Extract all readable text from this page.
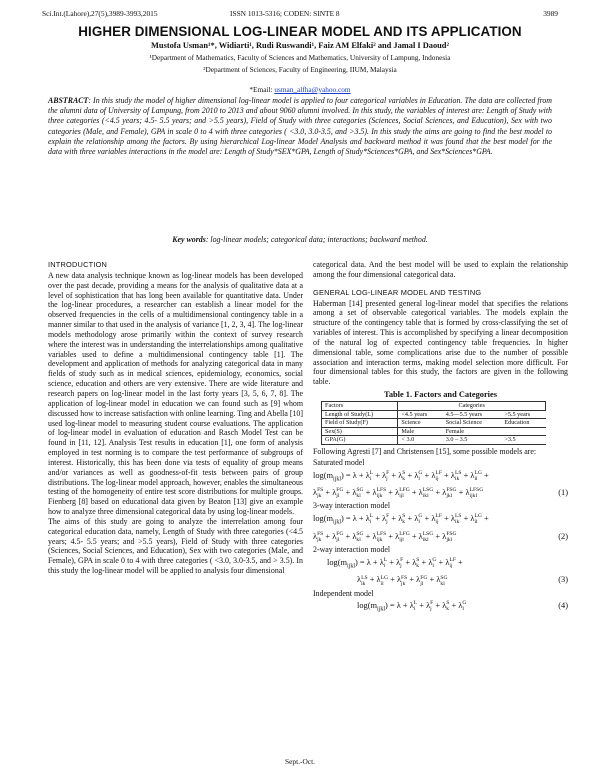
Sci.Int.(Lahore),27(5),3989-3993,2015	ISSN 1013-5316; CODEN: SINTE 8	3989
HIGHER DIMENSIONAL LOG-LINEAR MODEL AND ITS APPLICATION
Mustofa Usman¹*, Widiarti¹, Rudi Ruswandi¹, Faiz AM Elfaki² and Jamal I Daoud²
¹Department of Mathematics, Faculty of Sciences and Mathematics, University of Lampung, Indonesia
²Department of Sciences, Faculty of Engineering, IIUM, Malaysia
*Email: usman_alfha@yahoo.com
ABSTRACT: In this study the model of higher dimensional log-linear model is applied to four categorical variables in Education. The data are collected from the alumni data of University of Lampung, from 2010 to 2013 and about 9060 alumni involved. In this study, the variables of interest are: Length of Study with three categories (<4.5 years; 4.5- 5.5 years; and >5.5 years), Field of Study with three categories (Sciences, Social Sciences, and Education), Sex with two categories (Male, and Female), GPA in scale 0 to 4 with three categories ( <3.0, 3.0-3.5, and >3.5). In this study the aims are going to find the best model to explain the relationship among the factors. By using hierarchical Log-linear Model Analysis and backward method it was found that the best model for the data with three variables interactions in the model are: Length of Study*SEX*GPA, Length of Study*Sciences*GPA, and Sex*Sciences*GPA.
Key words: log-linear models; categorical data; interactions; backward method.
INTRODUCTION

A new data analysis technique known as log-linear models has been developed over the past decade, providing a means for the analysis of qualitative data at a level of sophistication that has long been available for quantitative data. Under the log-linear procedures, a researcher can establish a linear model for the observed frequencies in the cells of a multidimensional contingency table in a manner similar to that used in the analysis of variance [1, 2, 3, 4]. The log-linear models methodology arose primarily within the context of survey research where the interest was in understanding the interrelationships among qualitative variables used to define a multidimensional contingency table [1]. The development and application of methods for analyzing categorical data in many fields of study such as in medical sciences, epidemiology, economics, social science, education and others are very extensive. There are wide literature and research papers on log-linear model in the last forty years [3, 5, 6, 7, 8]. The application of log-linear model in education we can found such as [9] whom discussed how to increase satisfaction with online learning. Ting and Abella [10] used log-linear model to measuring student course evaluations. The application of log-linear model in evaluation of education and Rasch Model Test can be found in [11, 12]. Analysis Test results in education [1], one form of analysis employed in test norming is to compare the test performance of subgroups of interest. Historically, this has been done via tests of equality of group means and/or variances as well as goodness-of-fit tests between pairs of group distributions. The log-linear model approach, however, enables the simultaneous testing of the homogeneity of entire test score distributions for multiple groups. Fienberg [8] based on educational data given by Beaton [13] give an example how to analyze three dimensional categorical data by using log-linear models.

The aims of this study are going to analyze the interrelation among four categorical education data, namely, Length of Study with three categories (<4.5 years; 4.5- 5.5 years; and >5.5 years), Field of Study with three categories (Sciences, Social Sciences, and Education), Sex with two categories (Male, and Female), GPA in scale 0 to 4 with three categories ( <3.0, 3.0-3.5, and > 3.5). In this study the log-linear model will be applied to analysis four dimensional

categorical data. And the best model will be used to explain the relationship among the four dimensional categorical data.

GENERAL LOG-LINEAR MODEL AND TESTING

Haberman [14] presented general log-linear model that specifies the relations among a set of observable categorical variables. The models explain the structure of the contingency table that is formed by cross-classifying the set of variables of interest. This is accomplished by specifying a linear decomposition of the natural log of expected contingency table frequencies. In higher dimensional table, some complications arise due to the number of possible association and interaction terms, making model selection more difficult. For four dimensional tables for this study, the factors are given in the following table.

Table 1. Factors and Categories
Factors	Categories		
Length of Study(L)	<4.5 years	4.5—5.5 years	>5.5 years
Field of Study(F)	Science	Social Science	Education
Sex(S)	Male	Female	
GPA(G)	< 3.0	3.0 – 3.5	>3.5

Following Agresti [7] and Christensen [15], some possible models are:

Saturated model
$\log(m_{ijkl}) = \lambda + \lambda$ L
i + λ F
j + λ S
k + λ G
l + λ LF
ij + λ LS
ik + λ LG
il +
λ FS
jk + λ FG
jl + λ SG
kl + λ LFS
ijk + λ LFG
ijl + λ LSG
ikl + λ FSG
jkl + λ LFSG
ijkl	(1)
3-way interaction model
$\log(m_{ijkl}) = \lambda + \lambda$ L
i + λ F
j + λ S
k + λ G
l + λ LF
ij + λ LS
ik + λ LG
il +
λ FS
jk + λ FG
jl + λ SG
kl + λ LFS
ijk + λ LFG
ijl + λ LSG
ikl + λ FSG
jkl	(2)
2-way interaction model
$\log(m_{ijkl}) = \lambda + \lambda$ L
i + λ F
j + λ S
k + λ G
l + λ LF
ij +
λ LS
ik + λ LG
il + λ FS
jk + λ FG
jl + λ SG
kl	(3)
Independent model
$\log(m_{ijkl}) = \lambda + \lambda$ L
i + λ F
j + λ S
k + λ G
l	(4)
Sept.-Oct.
